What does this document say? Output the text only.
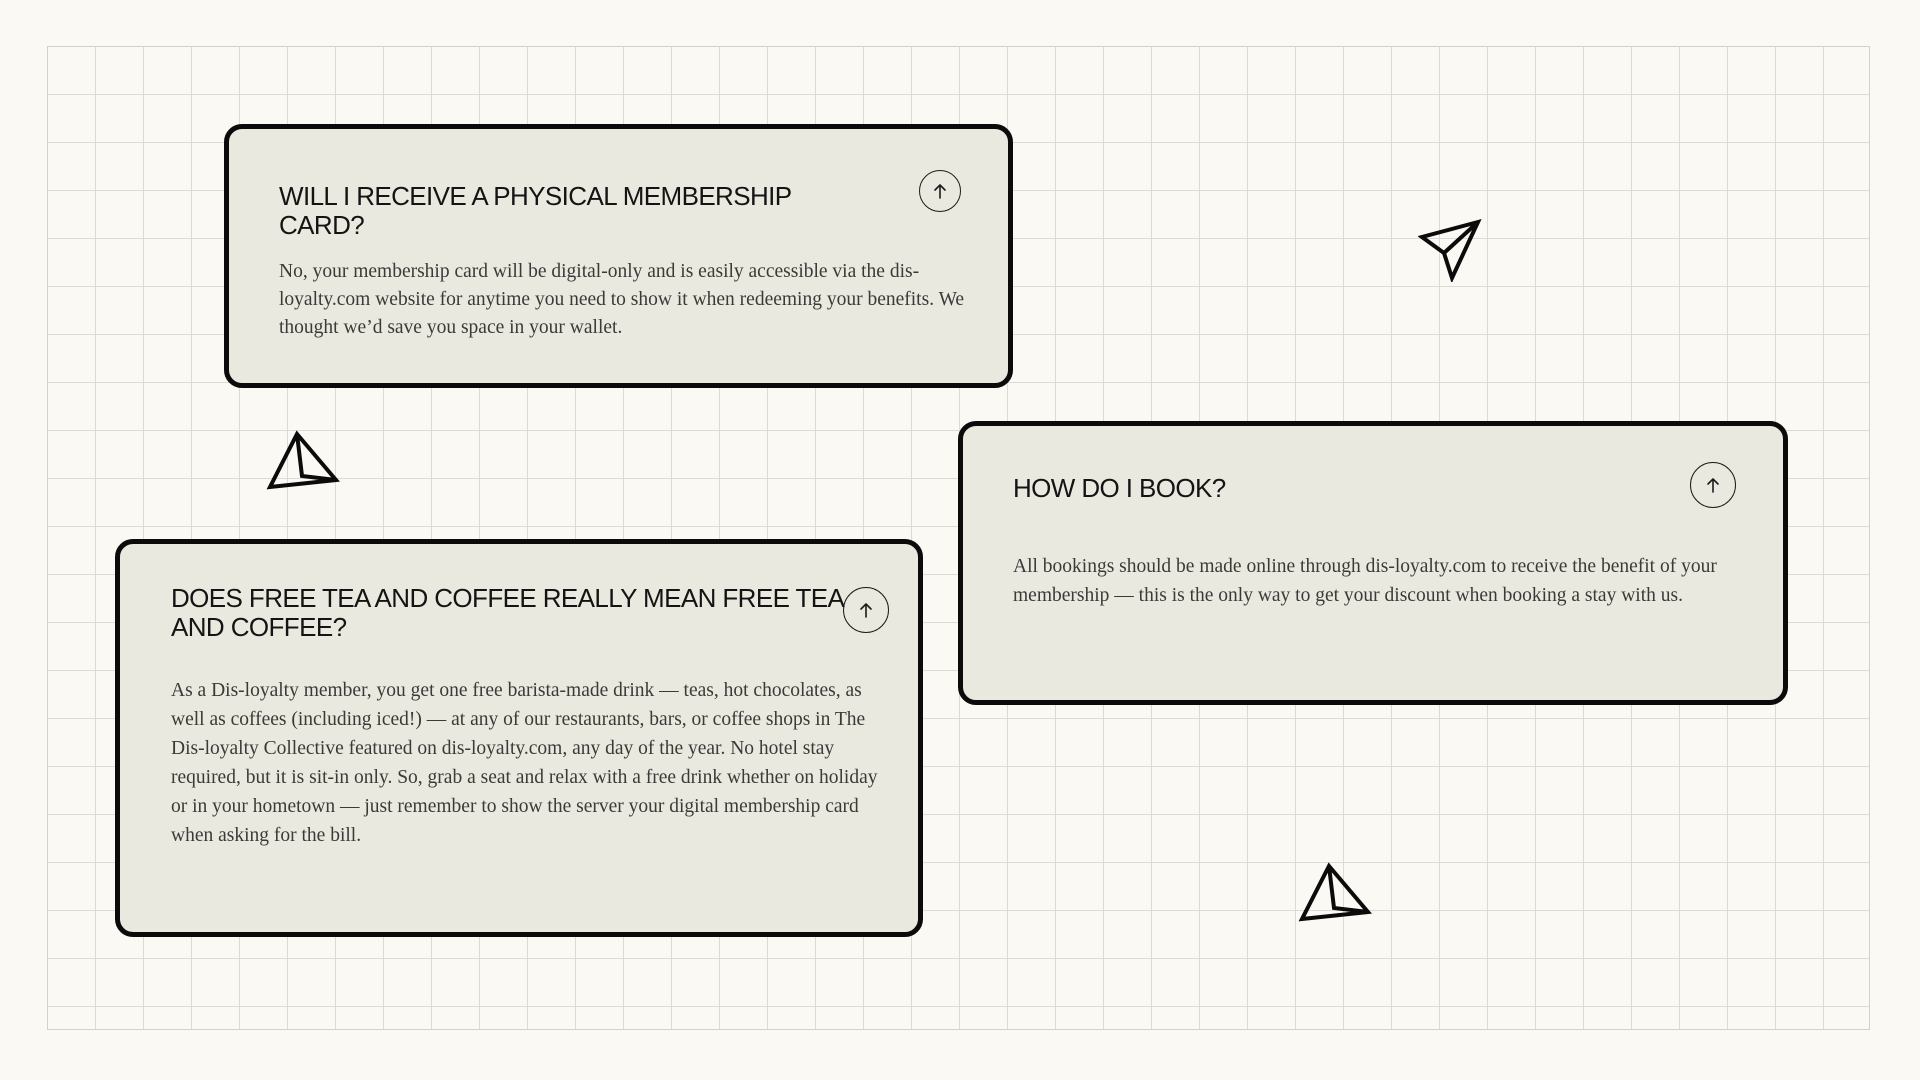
WILL I RECEIVE A PHYSICAL MEMBERSHIP CARD?

No, your membership card will be digital-only and is easily accessible via the dis-loyalty.com website for anytime you need to show it when redeeming your benefits. We thought we’d save you space in your wallet.

HOW DO I BOOK?

All bookings should be made online through dis-loyalty.com to receive the benefit of your membership — this is the only way to get your discount when booking a stay with us.

DOES FREE TEA AND COFFEE REALLY MEAN FREE TEA AND COFFEE?

As a Dis-loyalty member, you get one free barista-made drink — teas, hot chocolates, as well as coffees (including iced!) — at any of our restaurants, bars, or coffee shops in The Dis-loyalty Collective featured on dis-loyalty.com, any day of the year. No hotel stay required, but it is sit-in only. So, grab a seat and relax with a free drink whether on holiday or in your hometown — just remember to show the server your digital membership card when asking for the bill.
